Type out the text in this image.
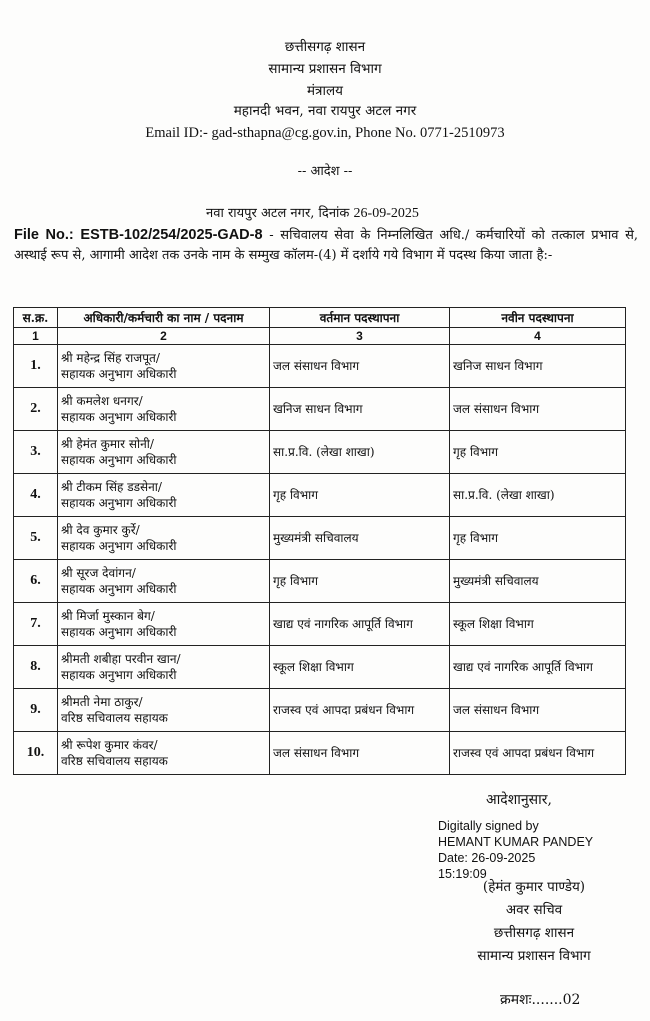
छत्तीसगढ़ शासन
सामान्य प्रशासन विभाग
मंत्रालय
महानदी भवन, नवा रायपुर अटल नगर
Email ID:- gad-sthapna@cg.gov.in, Phone No. 0771-2510973
-- आदेश --
नवा रायपुर अटल नगर, दिनांक 26-09-2025
File No.: ESTB-102/254/2025-GAD-8 - सचिवालय सेवा के निम्नलिखित अधि./ कर्मचारियों को तत्काल प्रभाव से, अस्थाई रूप से, आगामी आदेश तक उनके नाम के सम्मुख कॉलम-(4) में दर्शाये गये विभाग में पदस्थ किया जाता है:-
स.क्र.	अधिकारी/कर्मचारी का नाम / पदनाम	वर्तमान पदस्थापना	नवीन पदस्थापना
1	2	3	4
1.	श्री महेन्द्र सिंह राजपूत/
सहायक अनुभाग अधिकारी	जल संसाधन विभाग	खनिज साधन विभाग
2.	श्री कमलेश धनगर/
सहायक अनुभाग अधिकारी	खनिज साधन विभाग	जल संसाधन विभाग
3.	श्री हेमंत कुमार सोनी/
सहायक अनुभाग अधिकारी	सा.प्र.वि. (लेखा शाखा)	गृह विभाग
4.	श्री टीकम सिंह डडसेना/
सहायक अनुभाग अधिकारी	गृह विभाग	सा.प्र.वि. (लेखा शाखा)
5.	श्री देव कुमार कुर्रे/
सहायक अनुभाग अधिकारी	मुख्यमंत्री सचिवालय	गृह विभाग
6.	श्री सूरज देवांगन/
सहायक अनुभाग अधिकारी	गृह विभाग	मुख्यमंत्री सचिवालय
7.	श्री मिर्जा मुस्कान बेग/
सहायक अनुभाग अधिकारी	खाद्य एवं नागरिक आपूर्ति विभाग	स्कूल शिक्षा विभाग
8.	श्रीमती शबीहा परवीन खान/
सहायक अनुभाग अधिकारी	स्कूल शिक्षा विभाग	खाद्य एवं नागरिक आपूर्ति विभाग
9.	श्रीमती नेमा ठाकुर/
वरिष्ठ सचिवालय सहायक	राजस्व एवं आपदा प्रबंधन विभाग	जल संसाधन विभाग
10.	श्री रूपेश कुमार कंवर/
वरिष्ठ सचिवालय सहायक	जल संसाधन विभाग	राजस्व एवं आपदा प्रबंधन विभाग
आदेशानुसार,
Digitally signed by
HEMANT KUMAR PANDEY
Date: 26-09-2025
15:19:09
(हेमंत कुमार पाण्डेय)
अवर सचिव
छत्तीसगढ़ शासन
सामान्य प्रशासन विभाग
क्रमशः.......02
